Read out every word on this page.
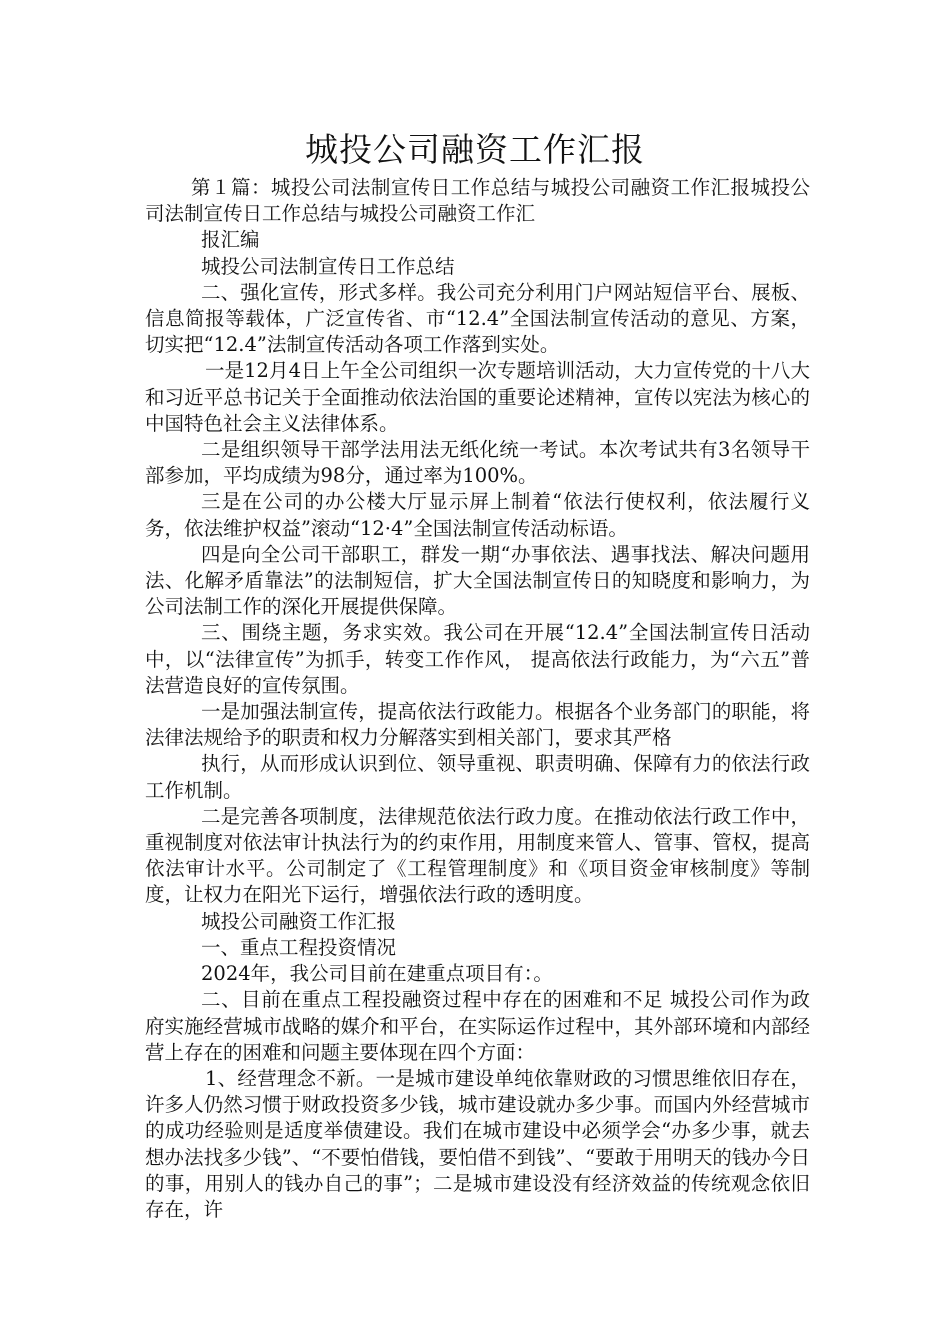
城投公司融资工作汇报

第１篇：城投公司法制宣传日工作总结与城投公司融资工作汇报城投公司法制宣传日工作总结与城投公司融资工作汇

报汇编

城投公司法制宣传日工作总结

二、强化宣传，形式多样。我公司充分利用门户网站短信平台、展板、信息简报等载体，广泛宣传省、市“12.4”全国法制宣传活动的意见、方案，切实把“12.4”法制宣传活动各项工作落到实处。

一是12月4日上午全公司组织一次专题培训活动，大力宣传党的十八大和习近平总书记关于全面推动依法治国的重要论述精神，宣传以宪法为核心的中国特色社会主义法律体系。

二是组织领导干部学法用法无纸化统一考试。本次考试共有3名领导干部参加，平均成绩为98分，通过率为100%。

三是在公司的办公楼大厅显示屏上制着“依法行使权利，依法履行义务，依法维护权益”滚动“12·4”全国法制宣传活动标语。

四是向全公司干部职工，群发一期“办事依法、遇事找法、解决问题用法、化解矛盾靠法”的法制短信，扩大全国法制宣传日的知晓度和影响力，为公司法制工作的深化开展提供保障。

三、围绕主题，务求实效。我公司在开展“12.4”全国法制宣传日活动中，以“法律宣传”为抓手，转变工作作风， 提高依法行政能力，为“六五”普法营造良好的宣传氛围。

一是加强法制宣传，提高依法行政能力。根据各个业务部门的职能，将法律法规给予的职责和权力分解落实到相关部门，要求其严格

执行，从而形成认识到位、领导重视、职责明确、保障有力的依法行政工作机制。

二是完善各项制度，法律规范依法行政力度。在推动依法行政工作中，重视制度对依法审计执法行为的约束作用，用制度来管人、管事、管权，提高依法审计水平。公司制定了《工程管理制度》和《项目资金审核制度》等制度，让权力在阳光下运行，增强依法行政的透明度。

城投公司融资工作汇报

一、重点工程投资情况

2024年，我公司目前在建重点项目有：。

二、目前在重点工程投融资过程中存在的困难和不足 城投公司作为政府实施经营城市战略的媒介和平台，在实际运作过程中，其外部环境和内部经营上存在的困难和问题主要体现在四个方面：

1、经营理念不新。一是城市建设单纯依靠财政的习惯思维依旧存在，许多人仍然习惯于财政投资多少钱，城市建设就办多少事。而国内外经营城市的成功经验则是适度举债建设。我们在城市建设中必须学会“办多少事，就去想办法找多少钱”、“不要怕借钱，要怕借不到钱”、“要敢于用明天的钱办今日的事，用别人的钱办自己的事”；二是城市建设没有经济效益的传统观念依旧存在，许
